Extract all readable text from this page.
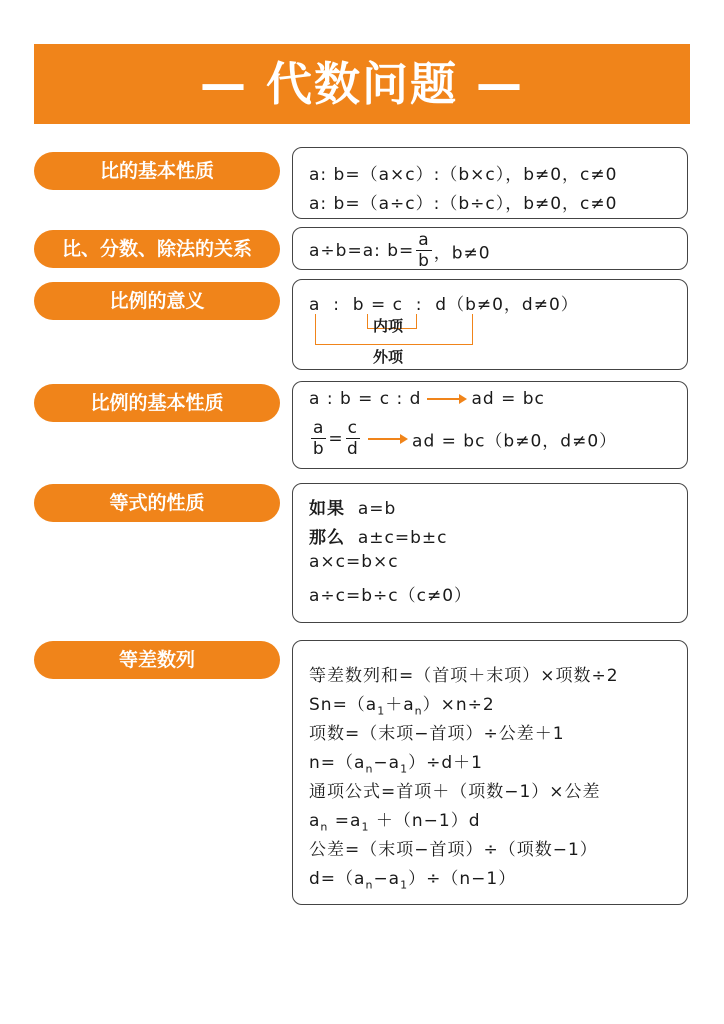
— 代数问题 —
比的基本性质	a: b=（a×c）:（b×c），b≠0，c≠0
a: b=（a÷c）:（b÷c），b≠0，c≠0
比、分数、除法的关系	a÷b=a: $b= \frac{a}{b}$ ，b≠0
比例的意义	a  :  b = c  :  d（b≠0，d≠0）
内项
外项
比例的基本性质	a : b = c : d	ad = bc
$\frac{a}{b} = \frac{c}{d}$	ad = bc（b≠0，d≠0）
等式的性质	如果 a=b
那么 a±c=b±c
a×c=b×c
a÷c=b÷c（c≠0）
等差数列
等差数列和=（首项＋末项）×项数÷2
$Sn=(a_1+a_n)\times n\div 2$
项数=（末项−首项）÷公差＋1
$n=(a_n-a_1)\div d+1$
通项公式=首项＋（项数−1）×公差
$a_n =a_1 +(n-1)d$
公差=（末项−首项）÷（项数−1）
$d=(a_n-a_1)\div(n-1)$
